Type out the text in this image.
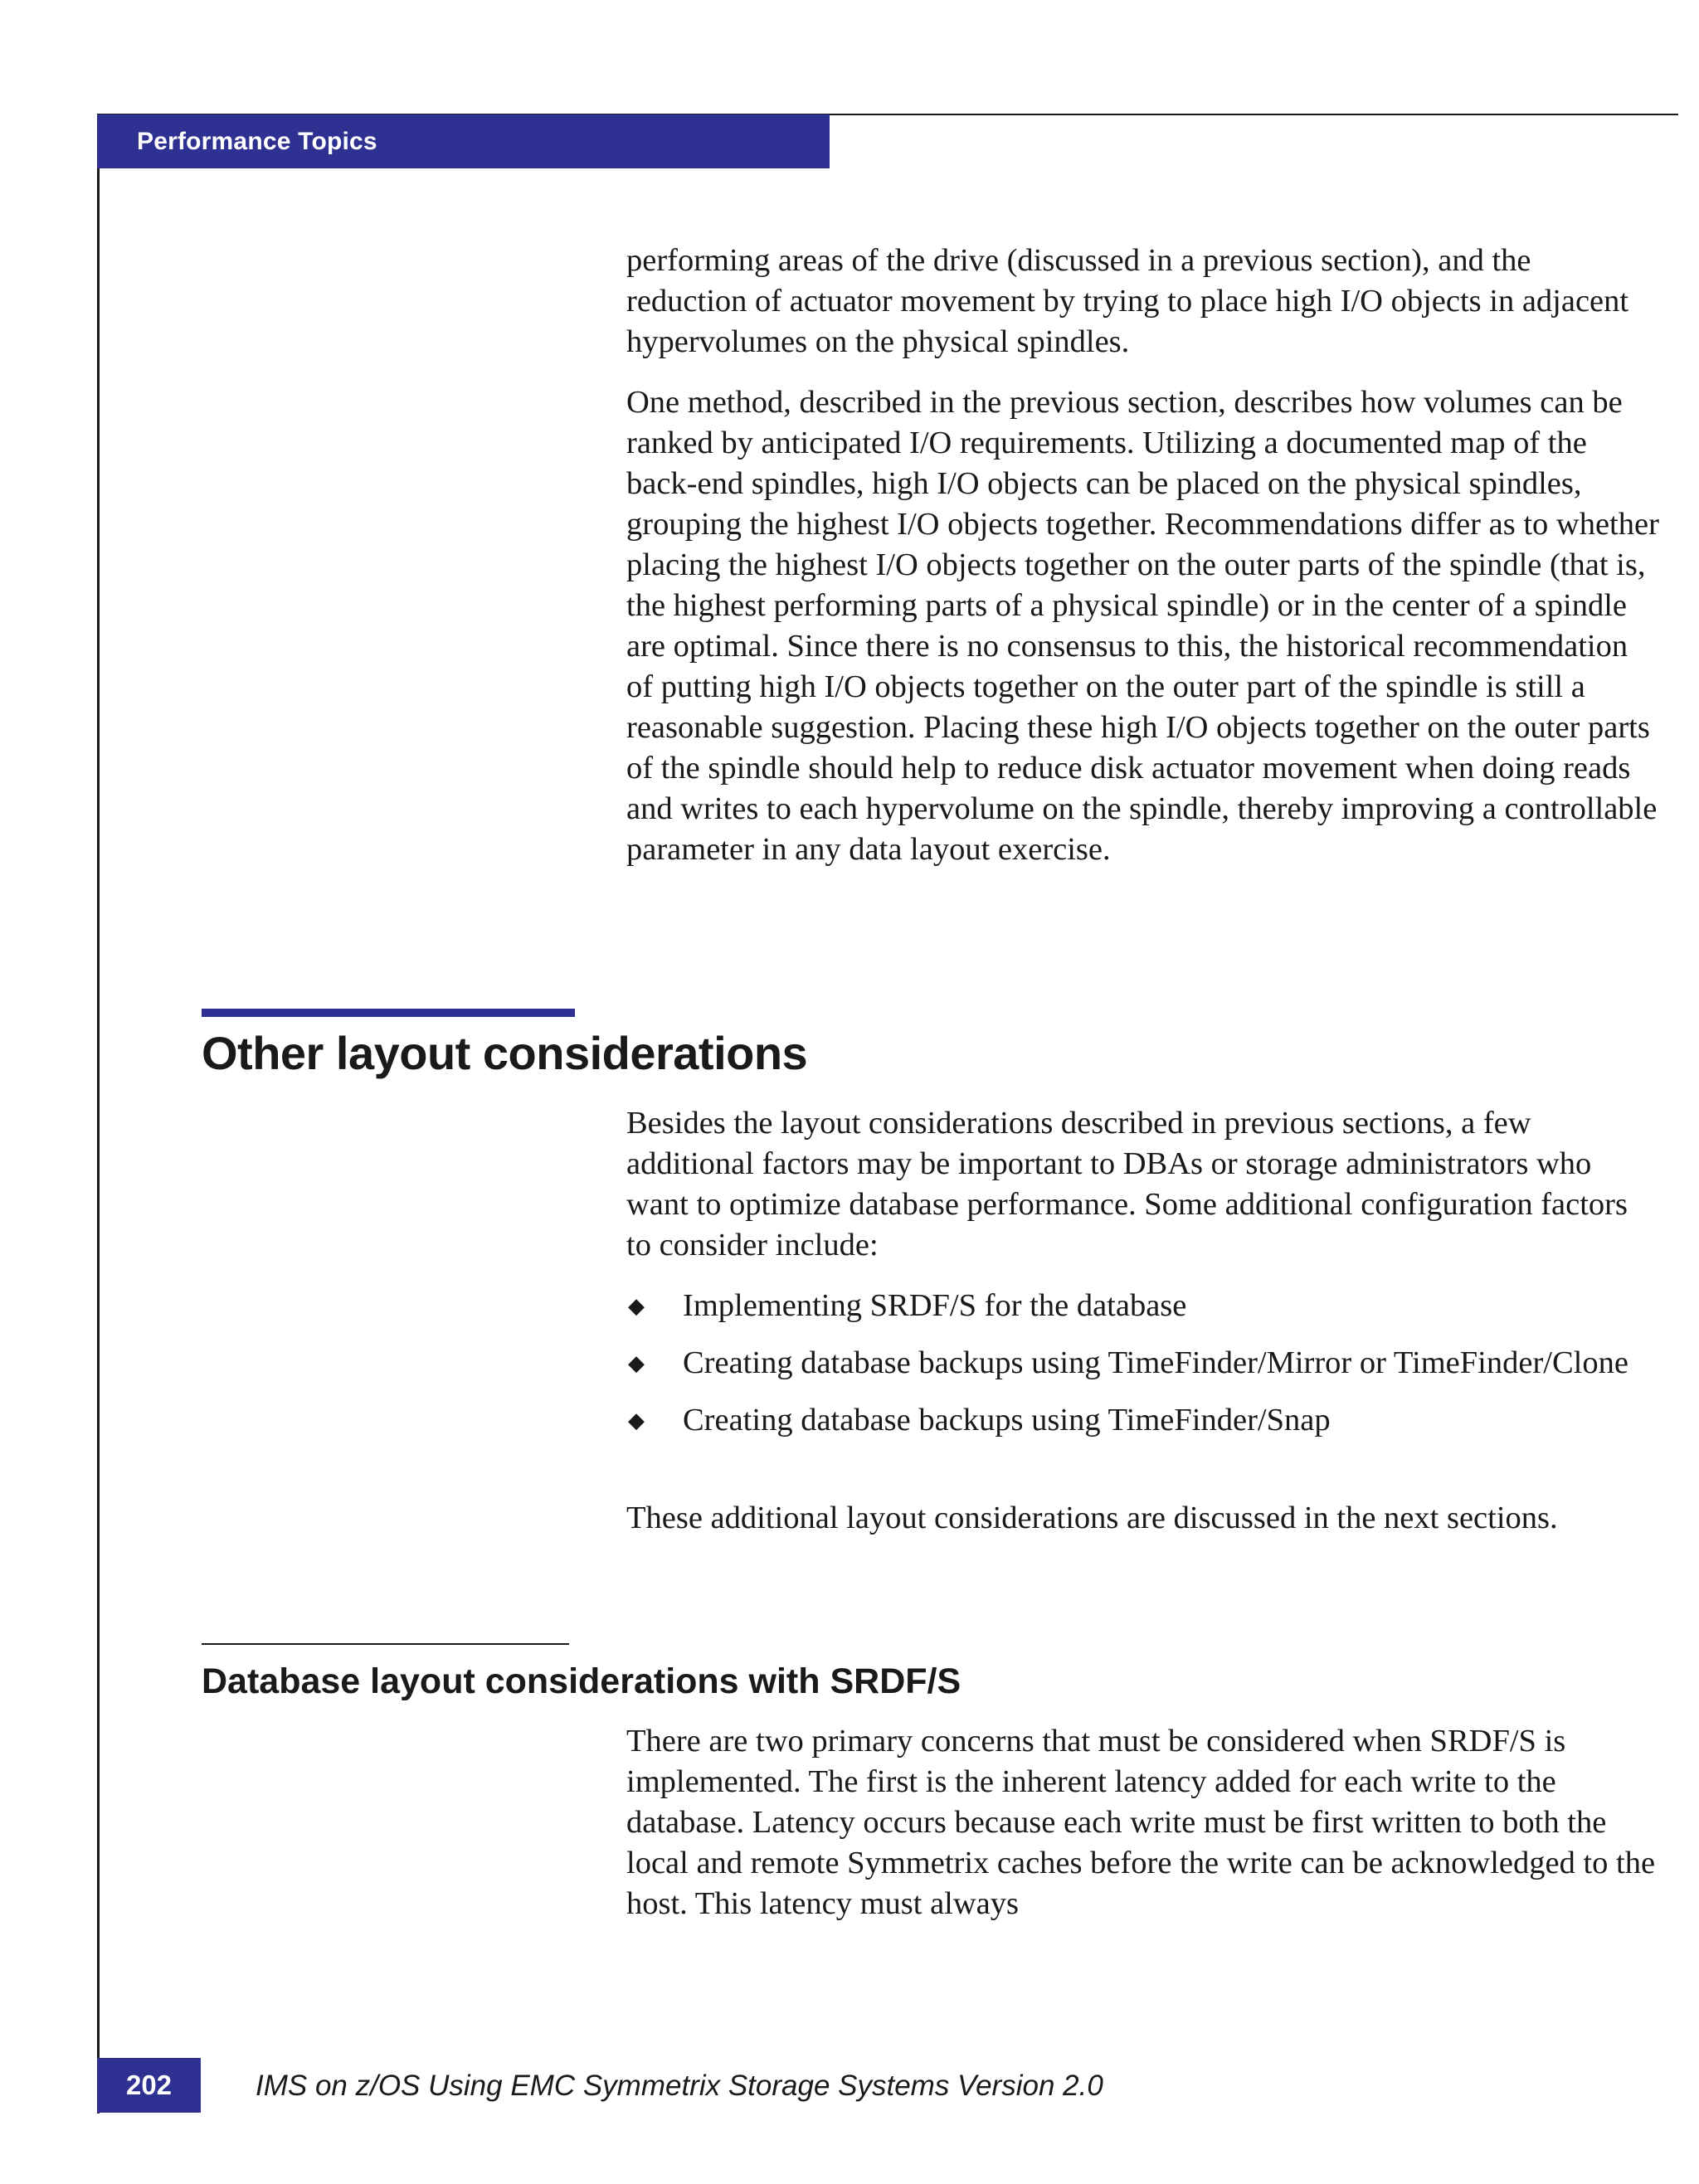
Performance Topics

performing areas of the drive (discussed in a previous section), and the reduction of actuator movement by trying to place high I/O objects in adjacent hypervolumes on the physical spindles.

One method, described in the previous section, describes how volumes can be ranked by anticipated I/O requirements. Utilizing a documented map of the back-end spindles, high I/O objects can be placed on the physical spindles, grouping the highest I/O objects together. Recommendations differ as to whether placing the highest I/O objects together on the outer parts of the spindle (that is, the highest performing parts of a physical spindle) or in the center of a spindle are optimal. Since there is no consensus to this, the historical recommendation of putting high I/O objects together on the outer part of the spindle is still a reasonable suggestion. Placing these high I/O objects together on the outer parts of the spindle should help to reduce disk actuator movement when doing reads and writes to each hypervolume on the spindle, thereby improving a controllable parameter in any data layout exercise.

Other layout considerations

Besides the layout considerations described in previous sections, a few additional factors may be important to DBAs or storage administrators who want to optimize database performance. Some additional configuration factors to consider include:

◆ Implementing SRDF/S for the database
◆ Creating database backups using TimeFinder/Mirror or TimeFinder/Clone
◆ Creating database backups using TimeFinder/Snap

These additional layout considerations are discussed in the next sections.

Database layout considerations with SRDF/S

There are two primary concerns that must be considered when SRDF/S is implemented. The first is the inherent latency added for each write to the database. Latency occurs because each write must be first written to both the local and remote Symmetrix caches before the write can be acknowledged to the host. This latency must always

202	IMS on z/OS Using EMC Symmetrix Storage Systems Version 2.0
